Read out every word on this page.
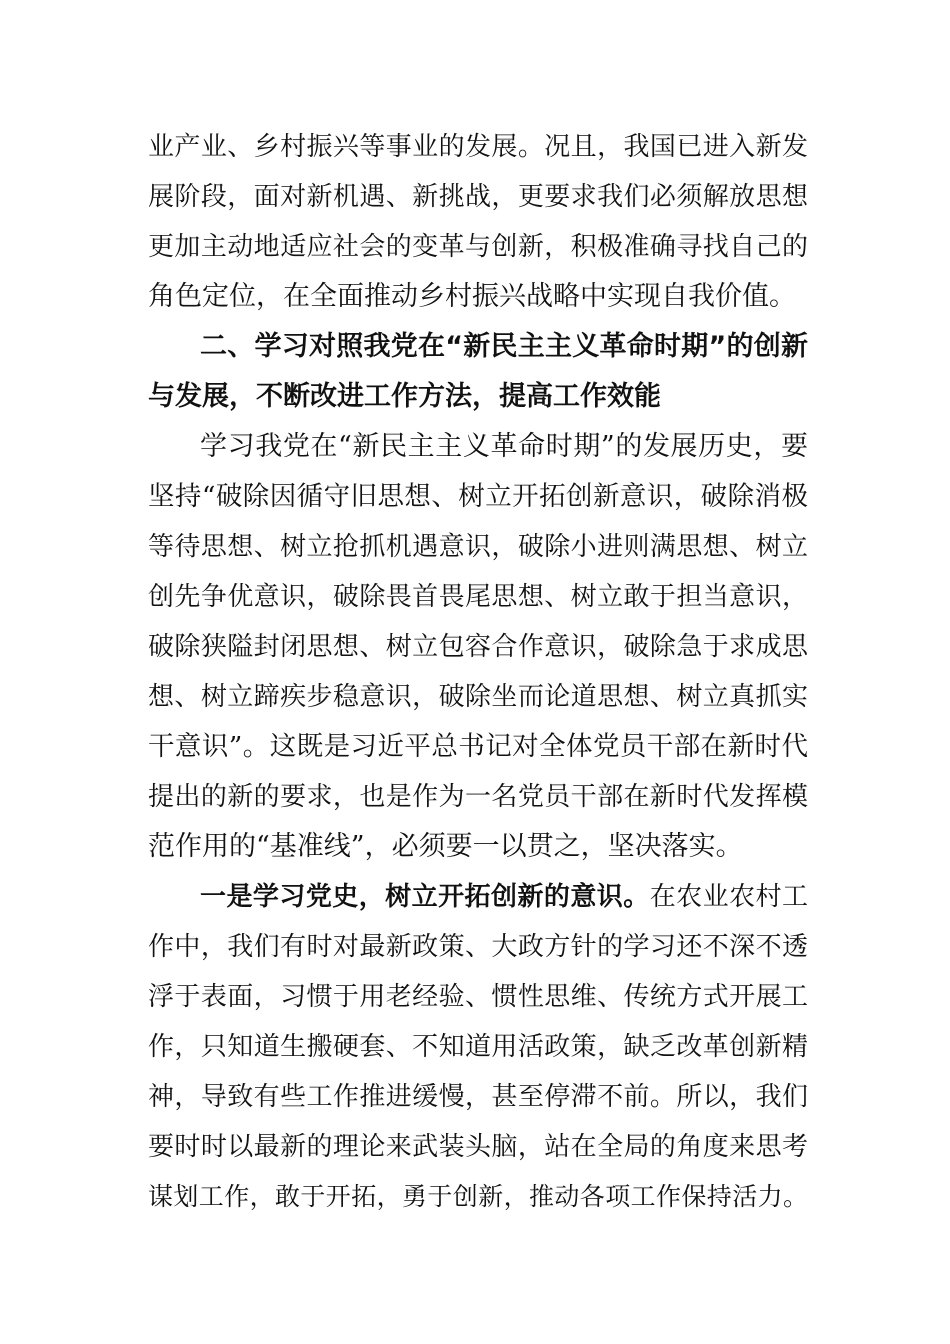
业产业、乡村振兴等事业的发展。况且，我国已进入新发
展阶段，面对新机遇、新挑战，更要求我们必须解放思想
更加主动地适应社会的变革与创新，积极准确寻找自己的
角色定位，在全面推动乡村振兴战略中实现自我价值。
二、学习对照我党在“新民主主义革命时期”的创新
与发展，不断改进工作方法，提高工作效能
学习我党在“新民主主义革命时期”的发展历史，要
坚持“破除因循守旧思想、树立开拓创新意识，破除消极
等待思想、树立抢抓机遇意识，破除小进则满思想、树立
创先争优意识，破除畏首畏尾思想、树立敢于担当意识，
破除狭隘封闭思想、树立包容合作意识，破除急于求成思
想、树立蹄疾步稳意识，破除坐而论道思想、树立真抓实
干意识”。这既是习近平总书记对全体党员干部在新时代
提出的新的要求，也是作为一名党员干部在新时代发挥模
范作用的“基准线”，必须要一以贯之，坚决落实。
一是学习党史，树立开拓创新的意识。在农业农村工
作中，我们有时对最新政策、大政方针的学习还不深不透
浮于表面，习惯于用老经验、惯性思维、传统方式开展工
作，只知道生搬硬套、不知道用活政策，缺乏改革创新精
神，导致有些工作推进缓慢，甚至停滞不前。所以，我们
要时时以最新的理论来武装头脑，站在全局的角度来思考
谋划工作，敢于开拓，勇于创新，推动各项工作保持活力。
